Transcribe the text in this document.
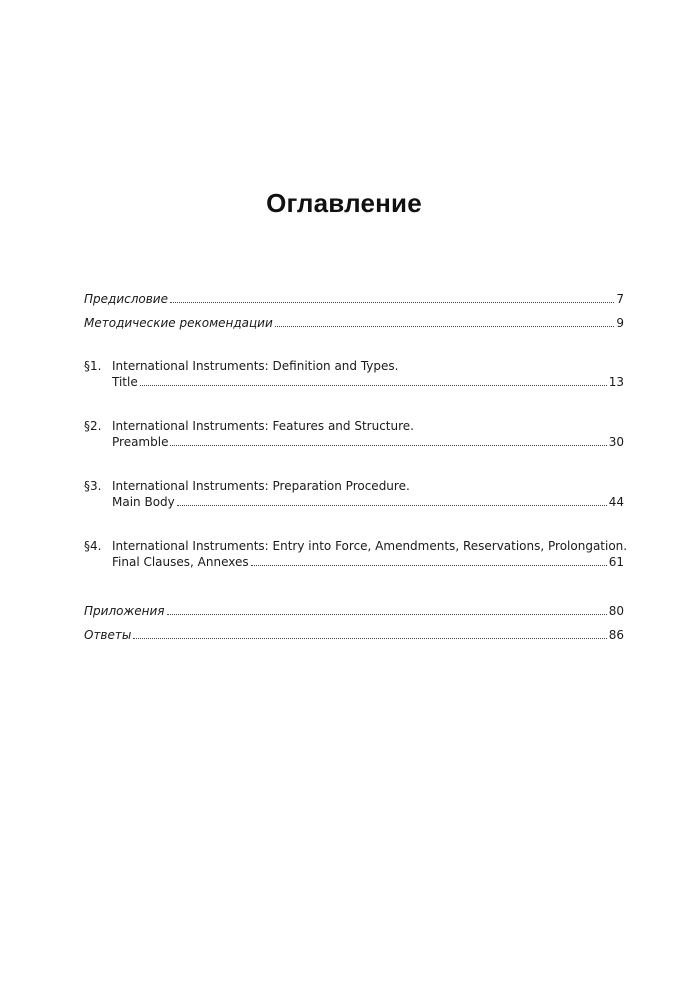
Оглавление
Предисловие	7
Методические рекомендации	9
§1. International Instruments: Definition and Types.
Title	13
§2. International Instruments: Features and Structure.
Preamble	30
§3. International Instruments: Preparation Procedure.
Main Body	44
§4. International Instruments: Entry into Force, Amendments, Reservations, Prolongation.
Final Clauses, Annexes	61
Приложения	80
Ответы	86
